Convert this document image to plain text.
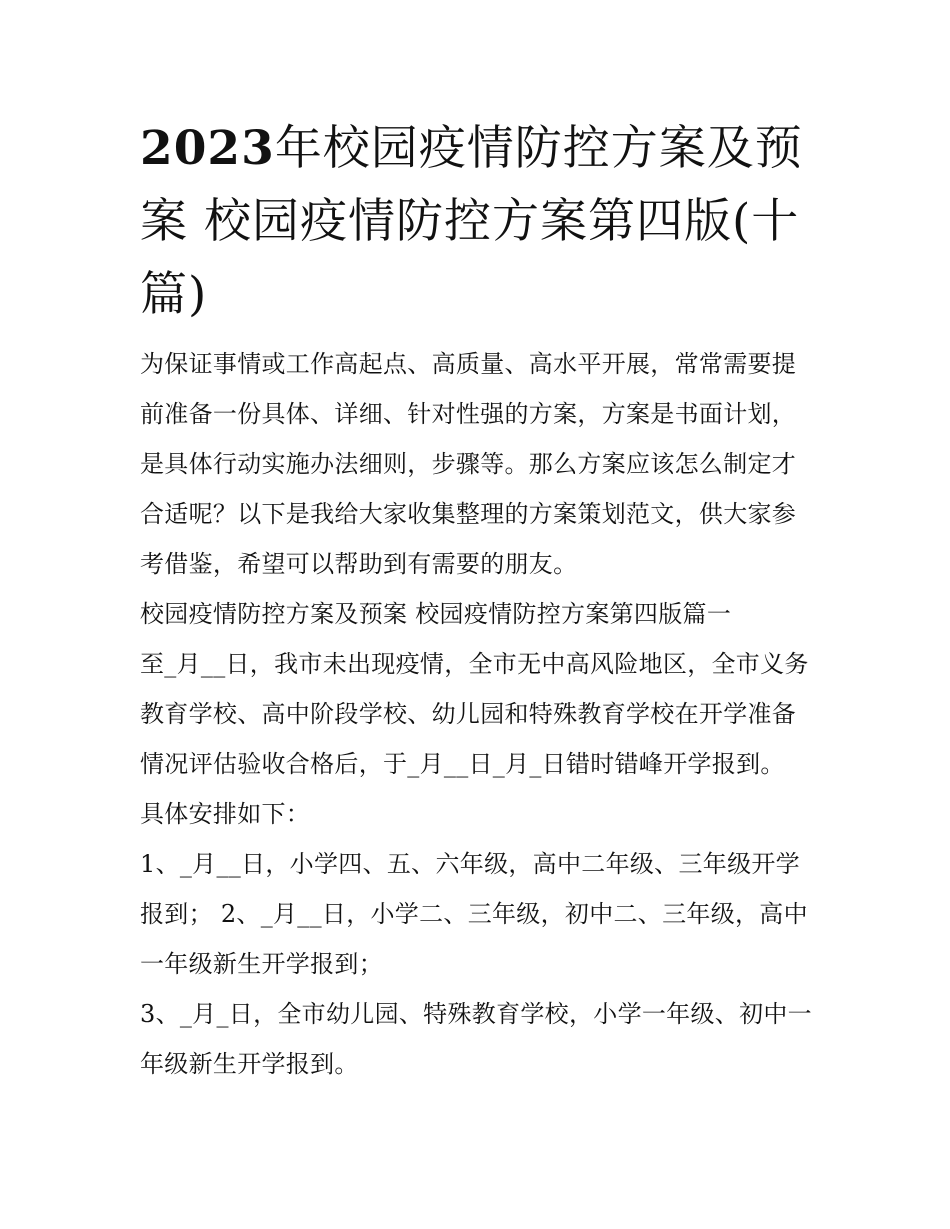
2023年校园疫情防控方案及预案 校园疫情防控方案第四版(十篇)

为保证事情或工作高起点、高质量、高水平开展，常常需要提前准备一份具体、详细、针对性强的方案，方案是书面计划，是具体行动实施办法细则，步骤等。那么方案应该怎么制定才合适呢？以下是我给大家收集整理的方案策划范文，供大家参考借鉴，希望可以帮助到有需要的朋友。

校园疫情防控方案及预案 校园疫情防控方案第四版篇一

至_月__日，我市未出现疫情，全市无中高风险地区，全市义务教育学校、高中阶段学校、幼儿园和特殊教育学校在开学准备情况评估验收合格后，于_月__日_月_日错时错峰开学报到。

具体安排如下：

1、_月__日，小学四、五、六年级，高中二年级、三年级开学报到； 2、_月__日，小学二、三年级，初中二、三年级，高中一年级新生开学报到；

3、_月_日，全市幼儿园、特殊教育学校，小学一年级、初中一年级新生开学报到。
